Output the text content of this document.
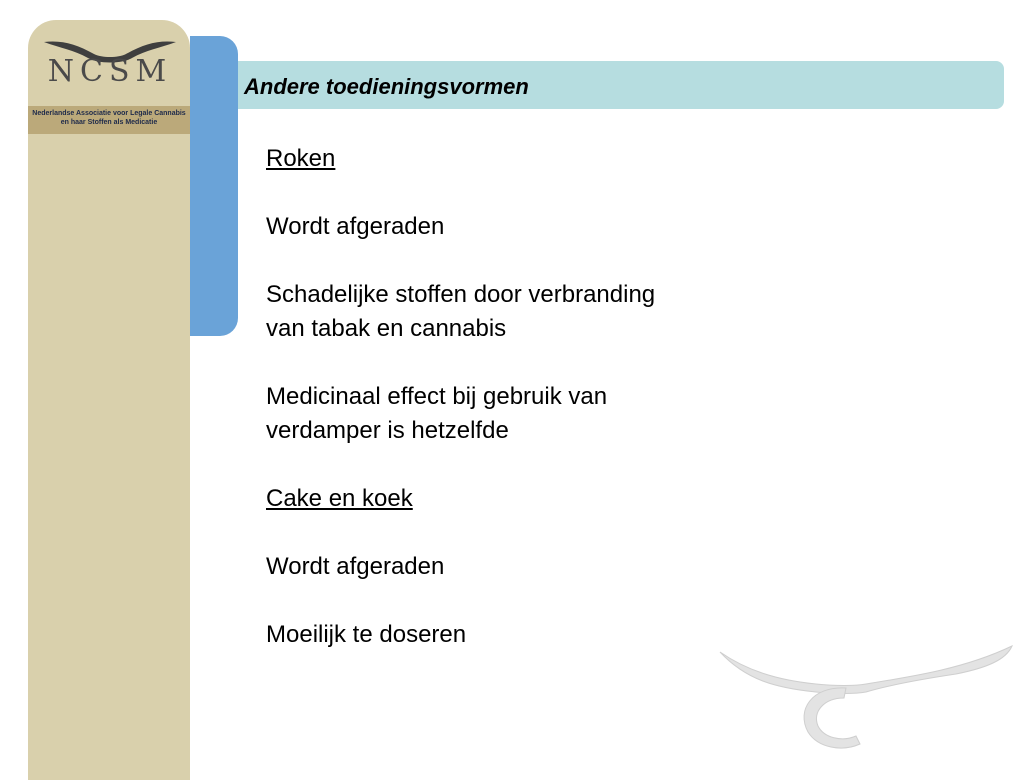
NCSM
Nederlandse Associatie voor Legale Cannabis
en haar Stoffen als Medicatie
Andere toedieningsvormen
Roken
Wordt afgeraden
Schadelijke stoffen door verbranding
van tabak en cannabis
Medicinaal effect bij gebruik van
verdamper is hetzelfde
Cake en koek
Wordt afgeraden
Moeilijk te doseren
